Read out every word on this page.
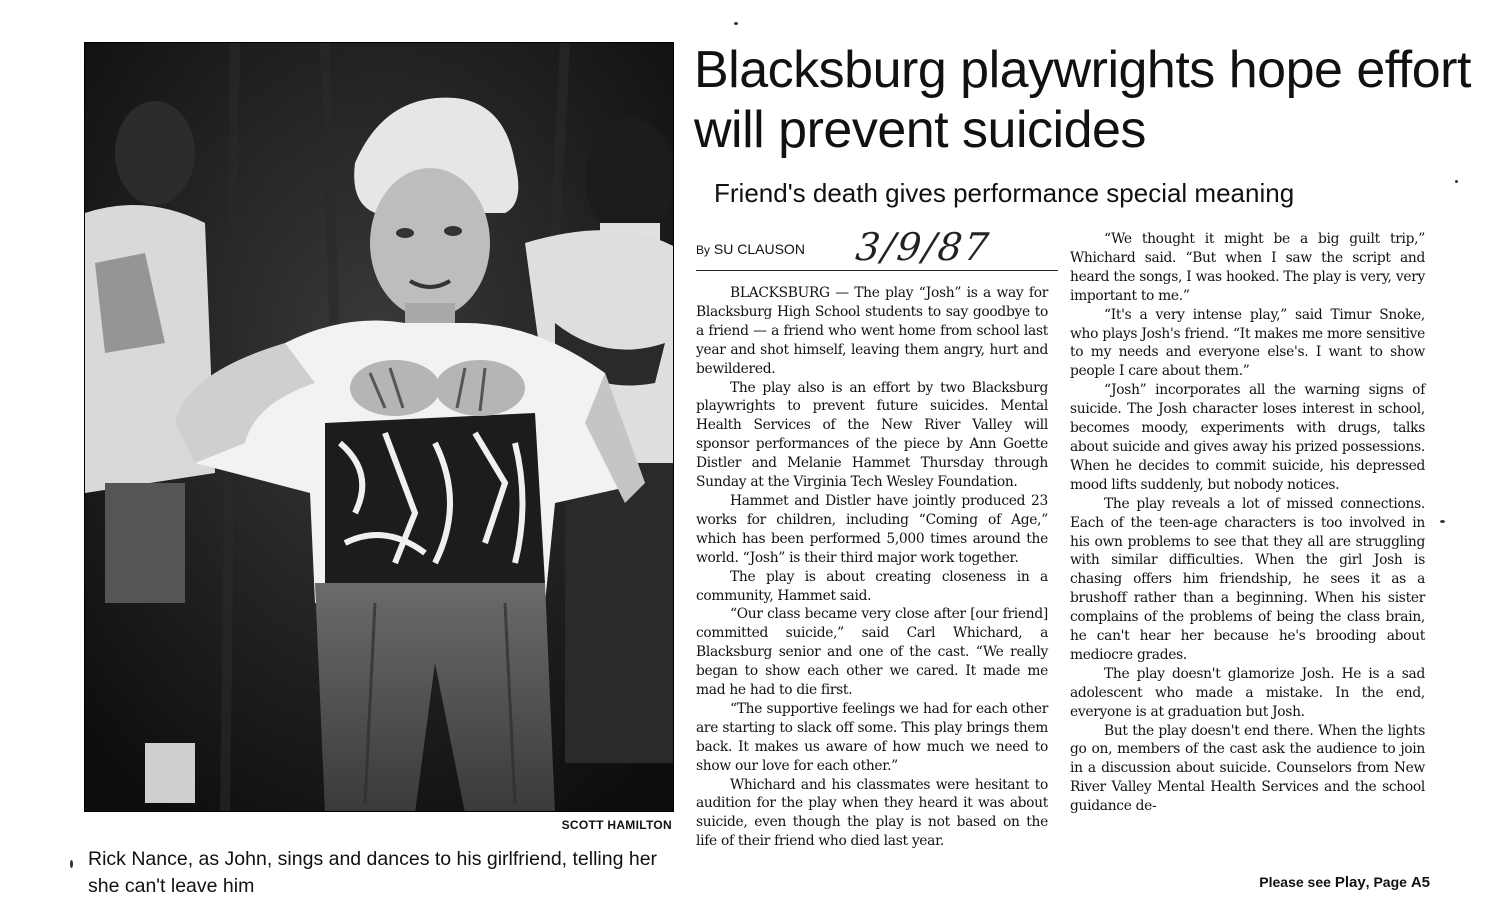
SCOTT HAMILTON
Rick Nance, as John, sings and dances to his girlfriend, telling her she can't leave him
Blacksburg playwrights hope effort will prevent suicides
Friend's death gives performance special meaning
By SU CLAUSON 3/9/87

BLACKSBURG — The play “Josh” is a way for Blacksburg High School students to say goodbye to a friend — a friend who went home from school last year and shot himself, leaving them angry, hurt and bewildered.

The play also is an effort by two Blacksburg playwrights to prevent future suicides. Mental Health Services of the New River Valley will sponsor performances of the piece by Ann Goette Distler and Melanie Hammet Thursday through Sunday at the Virginia Tech Wesley Foundation.

Hammet and Distler have jointly produced 23 works for children, including “Coming of Age,” which has been performed 5,000 times around the world. “Josh” is their third major work together.

The play is about creating closeness in a community, Hammet said.

“Our class became very close after [our friend] committed suicide,” said Carl Whichard, a Blacksburg senior and one of the cast. “We really began to show each other we cared. It made me mad he had to die first.

“The supportive feelings we had for each other are starting to slack off some. This play brings them back. It makes us aware of how much we need to show our love for each other.”

Whichard and his classmates were hesitant to audition for the play when they heard it was about suicide, even though the play is not based on the life of their friend who died last year.

“We thought it might be a big guilt trip,” Whichard said. “But when I saw the script and heard the songs, I was hooked. The play is very, very important to me.”

“It's a very intense play,” said Timur Snoke, who plays Josh's friend. “It makes me more sensitive to my needs and everyone else's. I want to show people I care about them.”

“Josh” incorporates all the warning signs of suicide. The Josh character loses interest in school, becomes moody, experiments with drugs, talks about suicide and gives away his prized possessions. When he decides to commit suicide, his depressed mood lifts suddenly, but nobody notices.

The play reveals a lot of missed connections. Each of the teen-age characters is too involved in his own problems to see that they all are struggling with similar difficulties. When the girl Josh is chasing offers him friendship, he sees it as a brushoff rather than a beginning. When his sister complains of the problems of being the class brain, he can't hear her because he's brooding about mediocre grades.

The play doesn't glamorize Josh. He is a sad adolescent who made a mistake. In the end, everyone is at graduation but Josh.

But the play doesn't end there. When the lights go on, members of the cast ask the audience to join in a discussion about suicide. Counselors from New River Valley Mental Health Services and the school guidance de-

Please see Play, Page A5
